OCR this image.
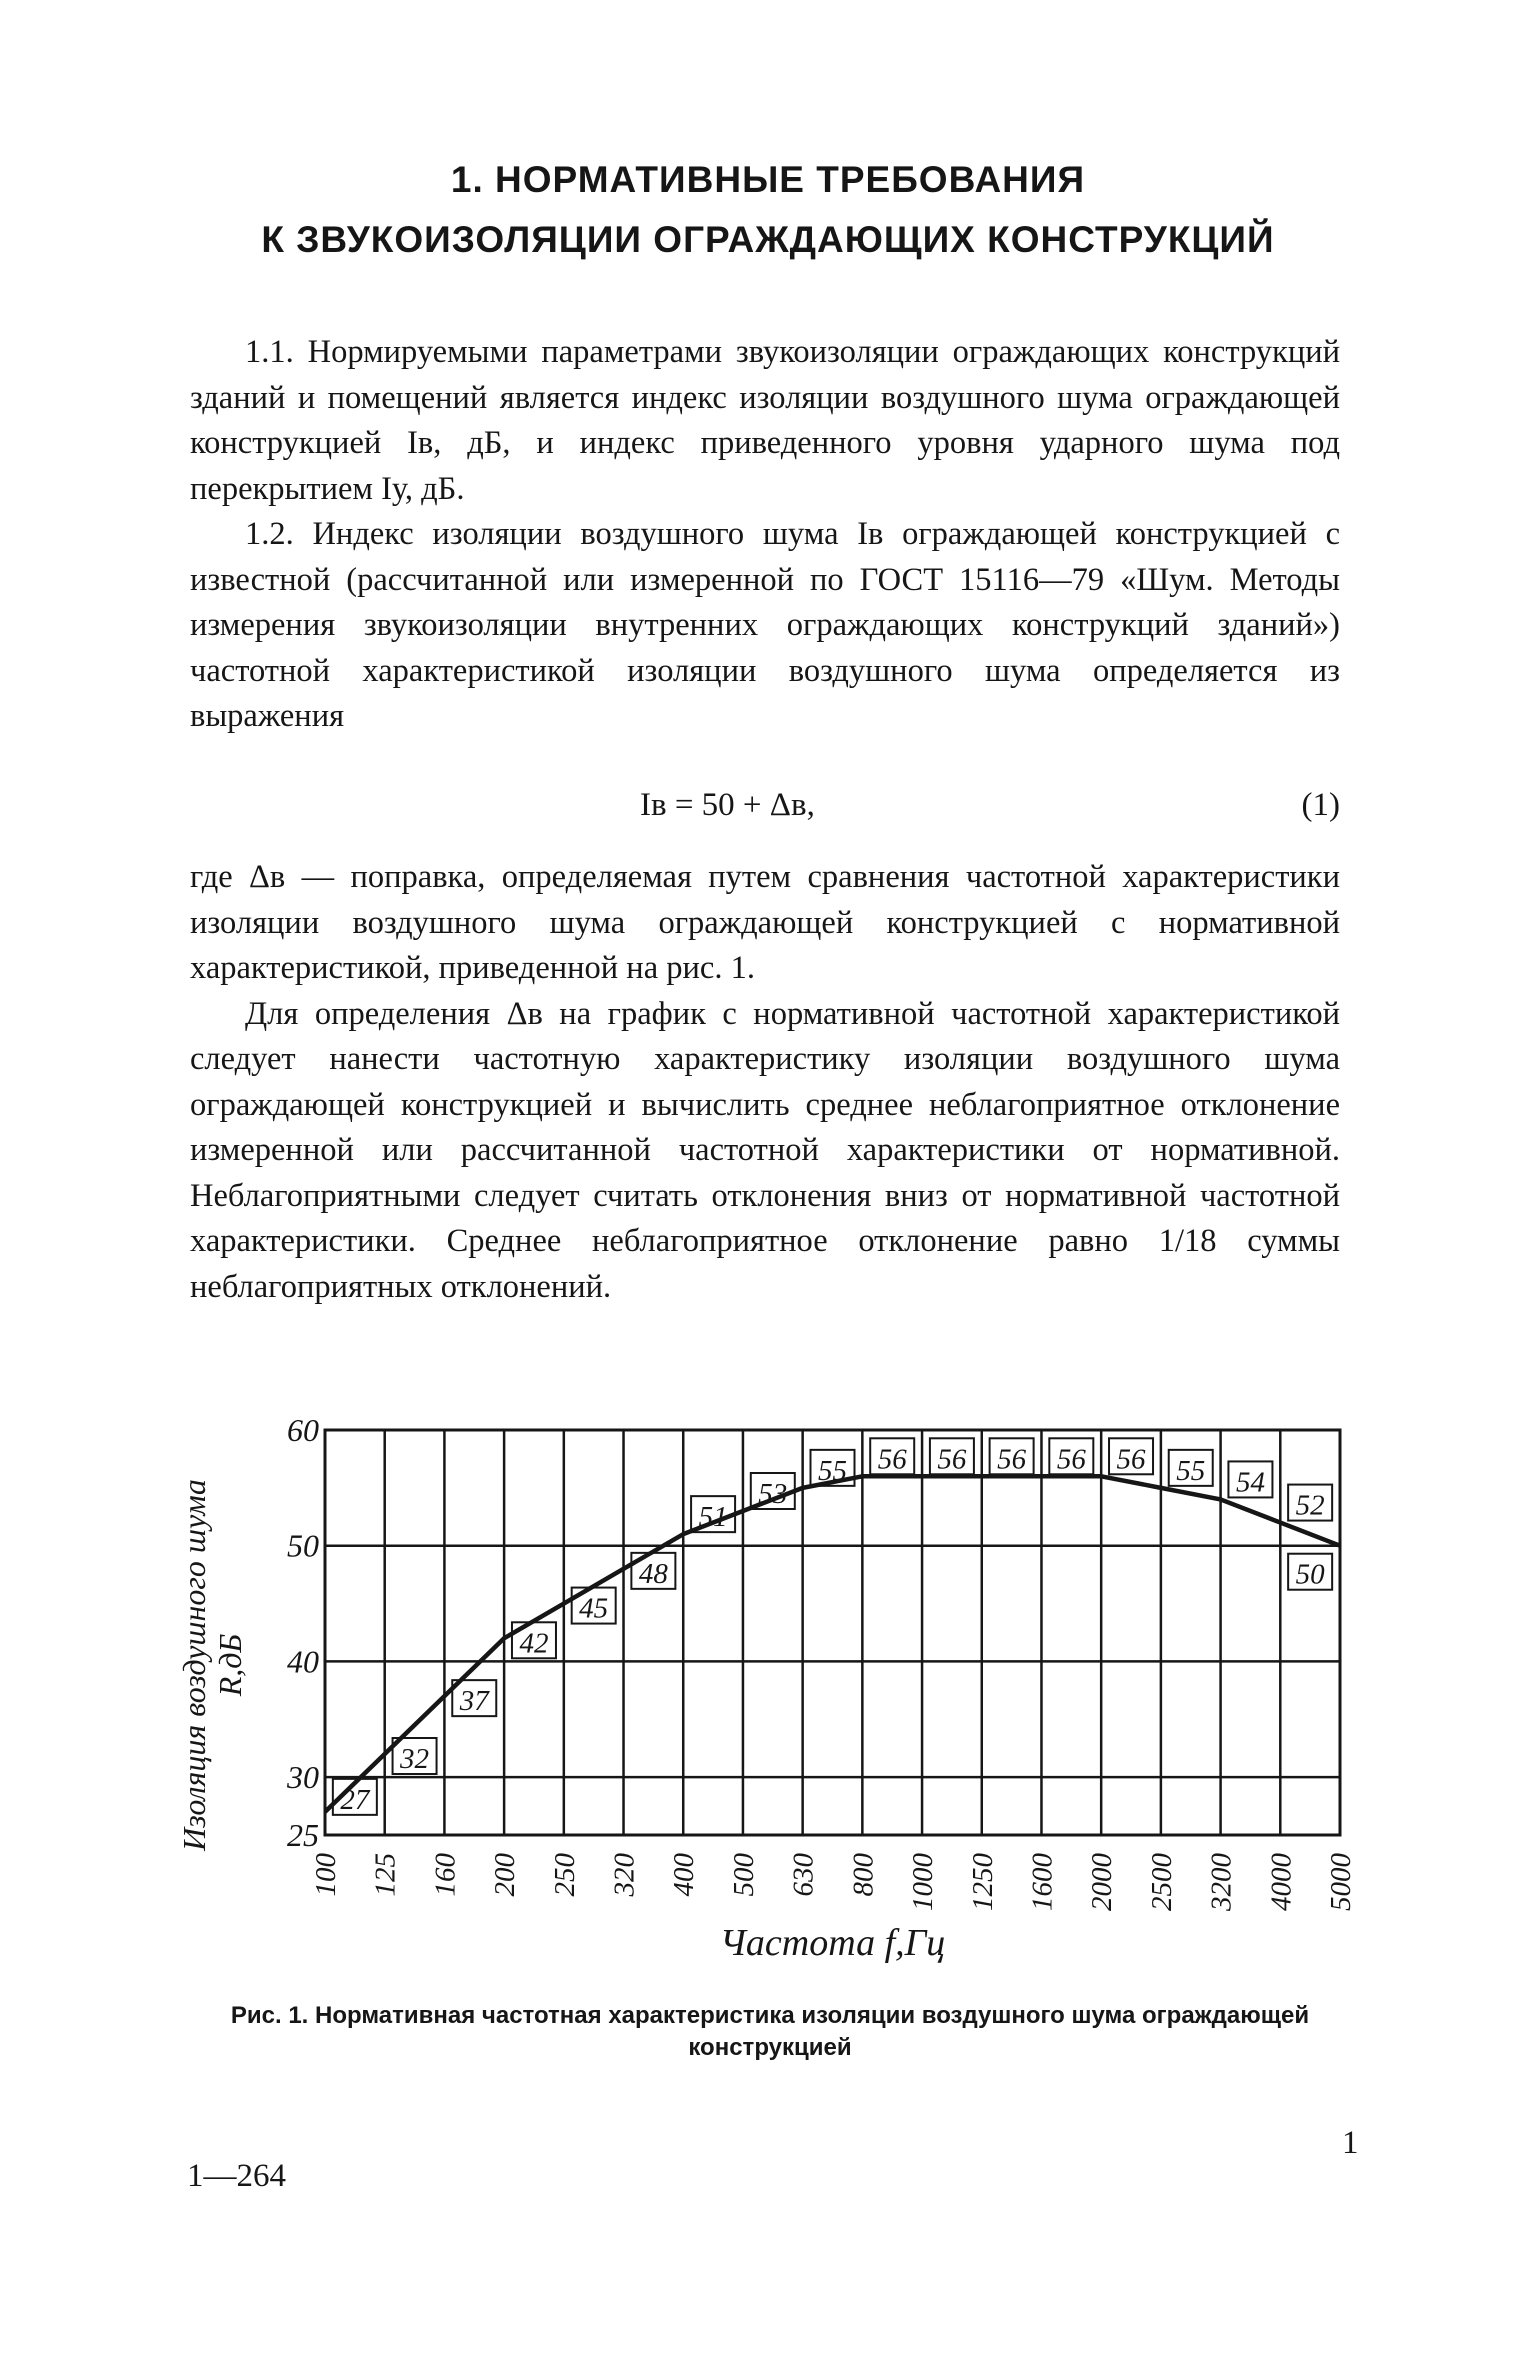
1. НОРМАТИВНЫЕ ТРЕБОВАНИЯ
К ЗВУКОИЗОЛЯЦИИ ОГРАЖДАЮЩИХ КОНСТРУКЦИЙ

1.1. Нормируемыми параметрами звукоизоляции ограждающих конструкций зданий и помещений является индекс изоляции воздушного шума ограждающей конструкцией Iв, дБ, и индекс приведенного уровня ударного шума под перекрытием Iу, дБ.

1.2. Индекс изоляции воздушного шума Iв ограждающей конструкцией с известной (рассчитанной или измеренной по ГОСТ 15116—79 «Шум. Методы измерения звукоизоляции внутренних ограждающих конструкций зданий») частотной характеристикой изоляции воздушного шума определяется из выражения

Iв = 50 + Δв,	(1)

где Δв — поправка, определяемая путем сравнения частотной характеристики изоляции воздушного шума ограждающей конструкцией с нормативной характеристикой, приведенной на рис. 1.

Для определения Δв на график с нормативной частотной характеристикой следует нанести частотную характеристику изоляции воздушного шума ограждающей конструкцией и вычислить среднее неблагоприятное отклонение измеренной или рассчитанной частотной характеристики от нормативной. Неблагоприятными следует считать отклонения вниз от нормативной частотной характеристики. Среднее неблагоприятное отклонение равно 1/18 суммы неблагоприятных отклонений.

25
30
40
50
60
100 125 160 200 250 320 400 500 630 800 1000 1250 1600 2000 2500 3200 4000 5000
Частота f,Гц
Изоляция воздушного шумаR,дБ
27
32
37
42
45
48
51
53
55 56 56 56 56 56 55 54
52
50
Рис. 1. Нормативная частотная характеристика изоляции воздушного шума ограждающей конструкцией
1—264
1
